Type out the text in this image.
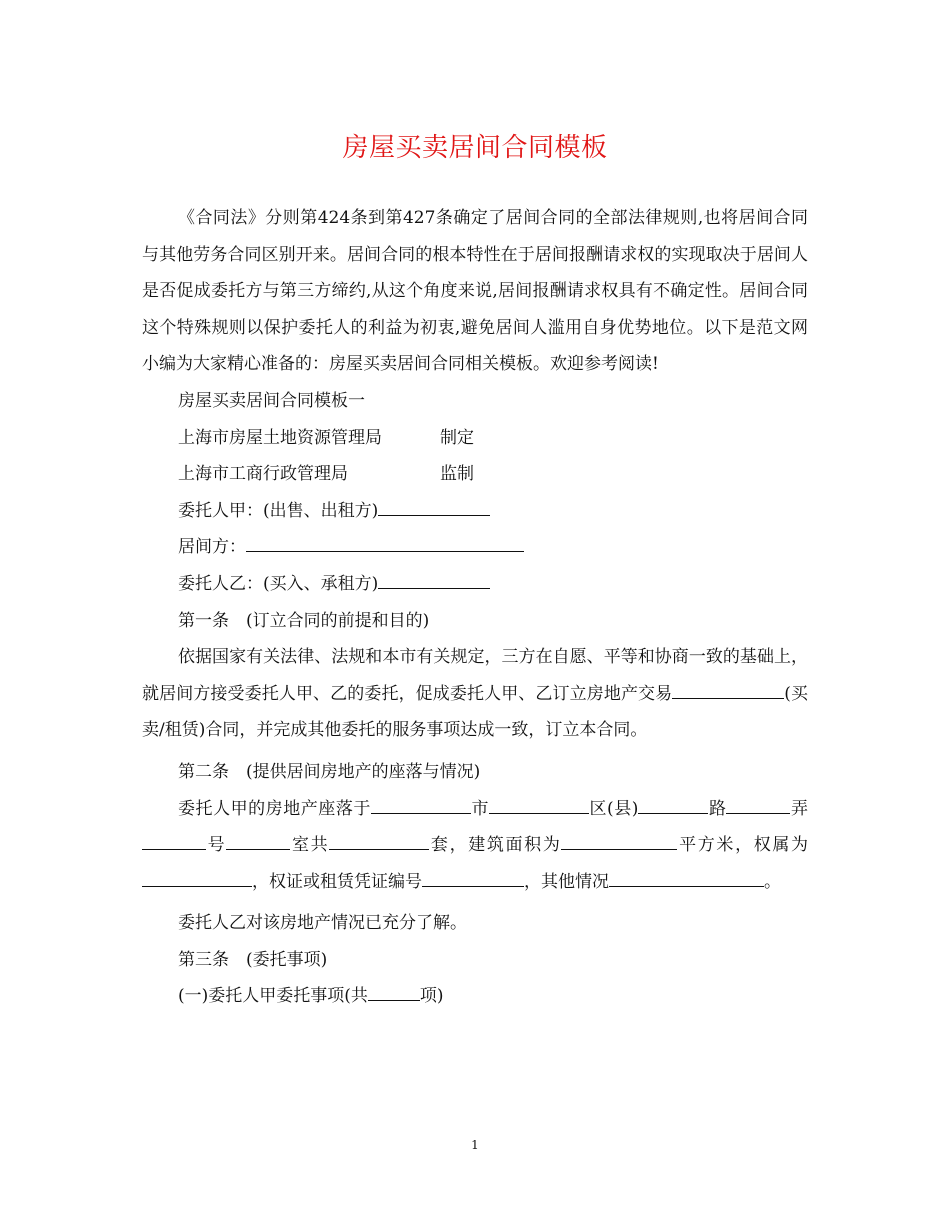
房屋买卖居间合同模板

《合同法》分则第424条到第427条确定了居间合同的全部法律规则,也将居间合同与其他劳务合同区别开来。居间合同的根本特性在于居间报酬请求权的实现取决于居间人是否促成委托方与第三方缔约,从这个角度来说,居间报酬请求权具有不确定性。居间合同这个特殊规则以保护委托人的利益为初衷,避免居间人滥用自身优势地位。以下是范文网小编为大家精心准备的：房屋买卖居间合同相关模板。欢迎参考阅读!

房屋买卖居间合同模板一

上海市房屋土地资源管理局	制定

上海市工商行政管理局	监制

委托人甲：(出售、出租方)

居间方：

委托人乙：(买入、承租方)

第一条　(订立合同的前提和目的)

依据国家有关法律、法规和本市有关规定，三方在自愿、平等和协商一致的基础上，就居间方接受委托人甲、乙的委托，促成委托人甲、乙订立房地产交易	(买卖/租赁)合同，并完成其他委托的服务事项达成一致，订立本合同。

第二条　(提供居间房地产的座落与情况)

委托人甲的房地产座落于	市	区(县)	路	弄号	室共	套，建筑面积为	平方米，权属为，权证或租赁凭证编号	，其他情况	。

委托人乙对该房地产情况已充分了解。

第三条　(委托事项)

(一)委托人甲委托事项(共	项)

1
